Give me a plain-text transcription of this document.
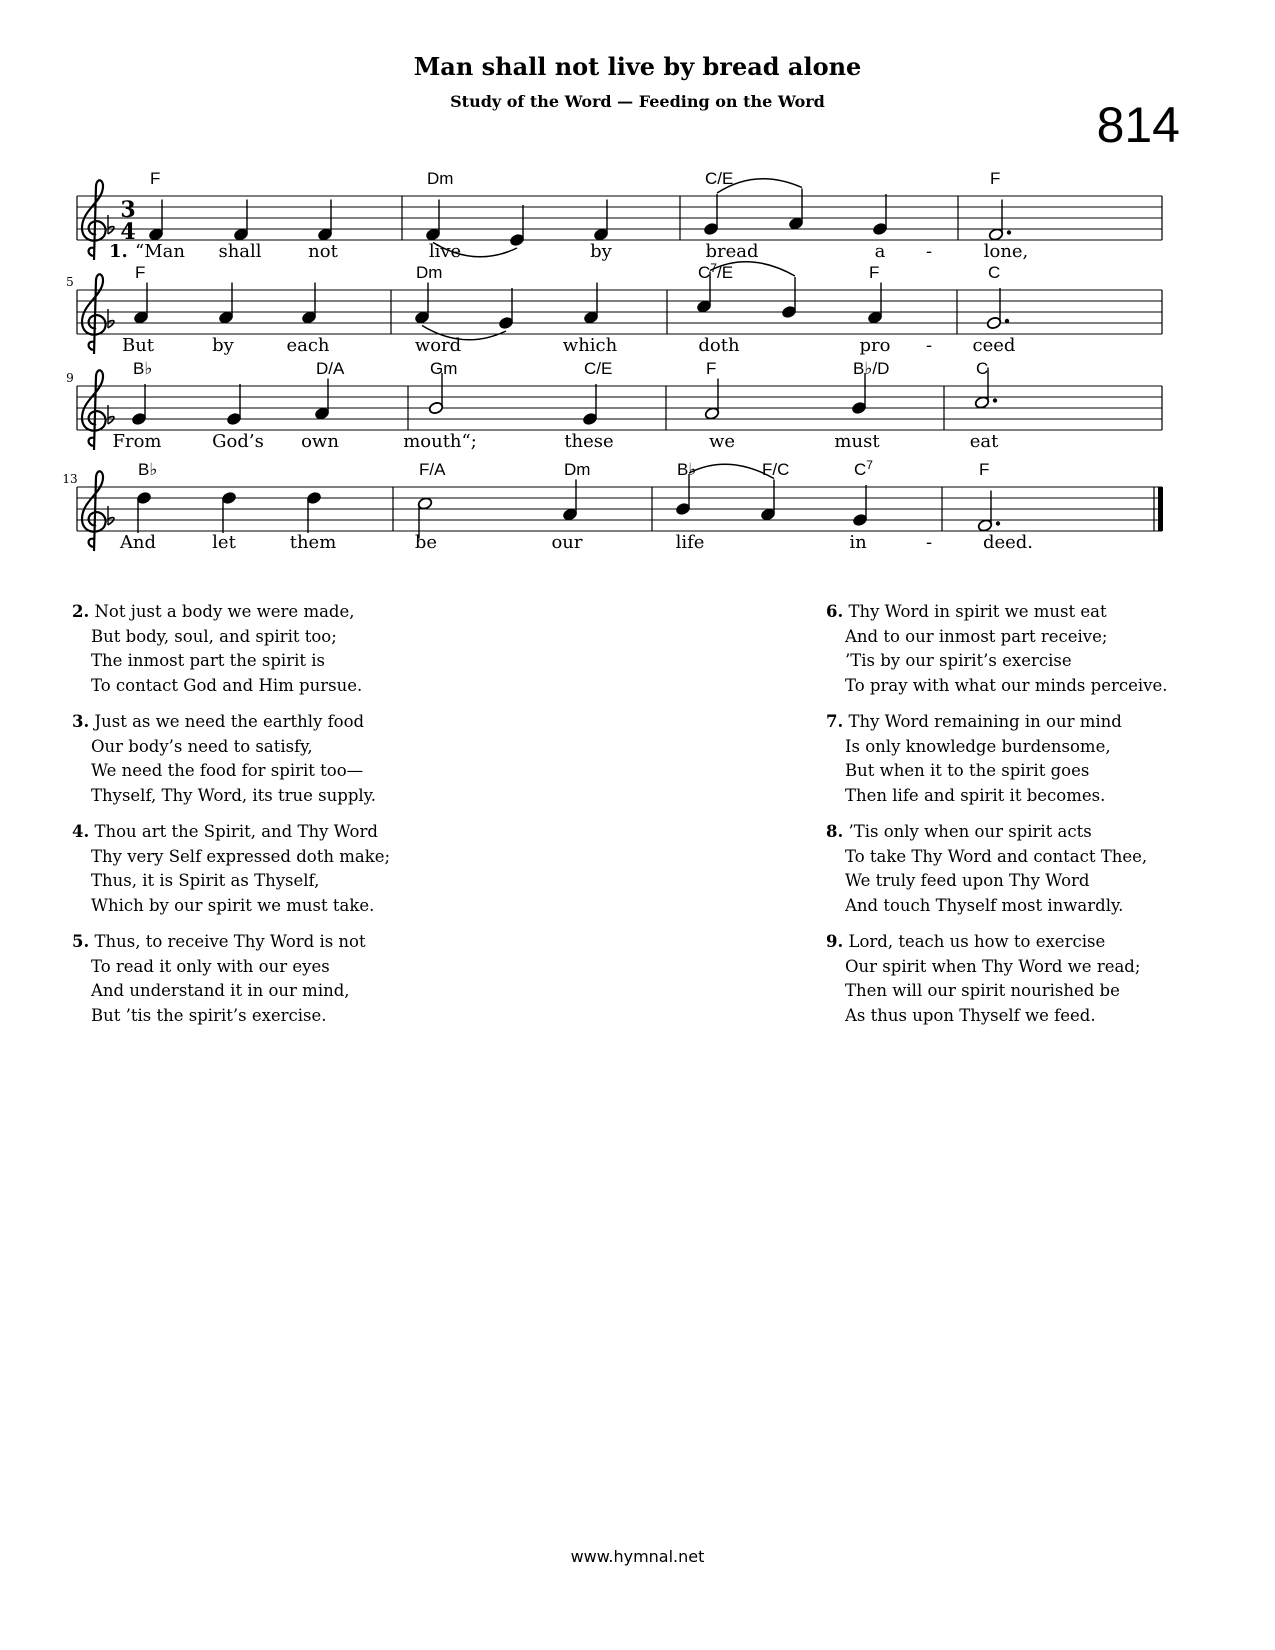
Man shall not live by bread alone
Study of the Word — Feeding on the Word	814
3
4
F	Dm	C/E	F
1. “Man shall	not	live	by	bread	a -	lone,
5	F	Dm	$C^7/E$	F	C
But	by	each	word	which	doth	pro - ceed
9	B♭	D/A	Gm	C/E	F	B♭/D	C
From	God’s own	mouth“;	these	we	must	eat
13	B♭	F/A	Dm	B♭	F/C	$C^7$	F
And	let	them	be	our	life	in	-	deed.
2. Not just a body we were made,
But body, soul, and spirit too;
The inmost part the spirit is
To contact God and Him pursue.
3. Just as we need the earthly food
Our body’s need to satisfy,
We need the food for spirit too—
Thyself, Thy Word, its true supply.
4. Thou art the Spirit, and Thy Word
Thy very Self expressed doth make;
Thus, it is Spirit as Thyself,
Which by our spirit we must take.
5. Thus, to receive Thy Word is not
To read it only with our eyes
And understand it in our mind,
But ’tis the spirit’s exercise.
6. Thy Word in spirit we must eat
And to our inmost part receive;
’Tis by our spirit’s exercise
To pray with what our minds perceive.
7. Thy Word remaining in our mind
Is only knowledge burdensome,
But when it to the spirit goes
Then life and spirit it becomes.
8. ’Tis only when our spirit acts
To take Thy Word and contact Thee,
We truly feed upon Thy Word
And touch Thyself most inwardly.
9. Lord, teach us how to exercise
Our spirit when Thy Word we read;
Then will our spirit nourished be
As thus upon Thyself we feed.
www.hymnal.net
